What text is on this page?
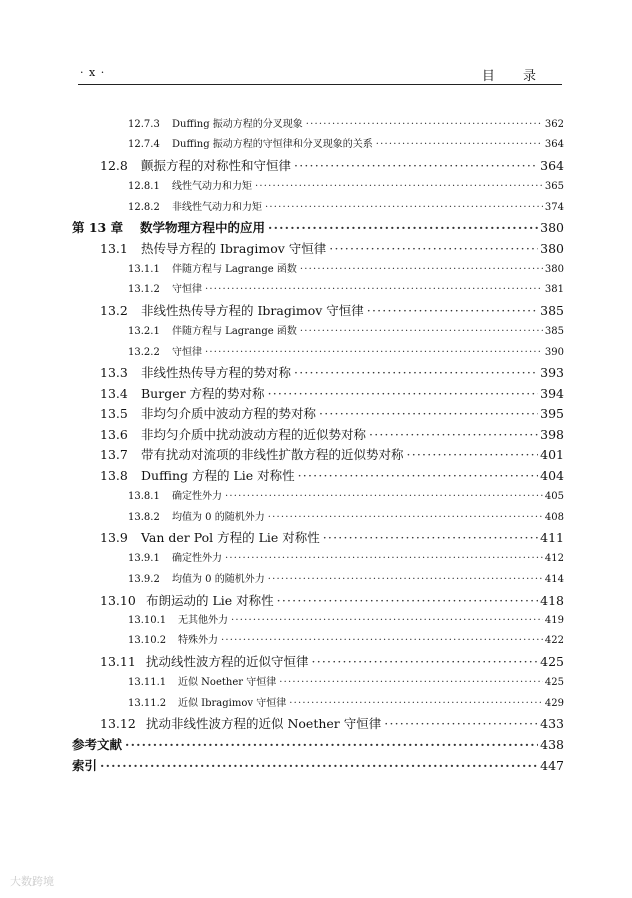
· x ·	目 录
12.7.3	Duffing 振动方程的分叉现象 ·····	362
12.7.4	Duffing 振动方程的守恒律和分叉现象的关系 ·····	364
12.8	颤振方程的对称性和守恒律 ·····	364
12.8.1	线性气动力和力矩 ·····	365
12.8.2	非线性气动力和力矩 ·····	374
第 13 章	数学物理方程中的应用 ·····	380
13.1	热传导方程的 Ibragimov 守恒律 ·····	380
13.1.1	伴随方程与 Lagrange 函数 ·····	380
13.1.2	守恒律 ·····	381
13.2	非线性热传导方程的 Ibragimov 守恒律 ·····	385
13.2.1	伴随方程与 Lagrange 函数 ·····	385
13.2.2	守恒律 ·····	390
13.3	非线性热传导方程的势对称 ·····	393
13.4	Burger 方程的势对称 ·····	394
13.5	非均匀介质中波动方程的势对称 ·····	395
13.6	非均匀介质中扰动波动方程的近似势对称 ·····	398
13.7	带有扰动对流项的非线性扩散方程的近似势对称 ·····	401
13.8	Duffing 方程的 Lie 对称性 ·····	404
13.8.1	确定性外力 ·····	405
13.8.2	均值为 0 的随机外力 ·····	408
13.9	Van der Pol 方程的 Lie 对称性 ·····	411
13.9.1	确定性外力 ·····	412
13.9.2	均值为 0 的随机外力 ·····	414
13.10 布朗运动的 Lie 对称性 ·····	418
13.10.1	无其他外力 ·····	419
13.10.2	特殊外力 ·····	422
13.11 扰动线性波方程的近似守恒律 ·····	425
13.11.1	近似 Noether 守恒律 ·····	425
13.11.2	近似 Ibragimov 守恒律 ·····	429
13.12 扰动非线性波方程的近似 Noether 守恒律 ·····	433
参考文献 ·····	438
索引 ·····	447
大数跨境
